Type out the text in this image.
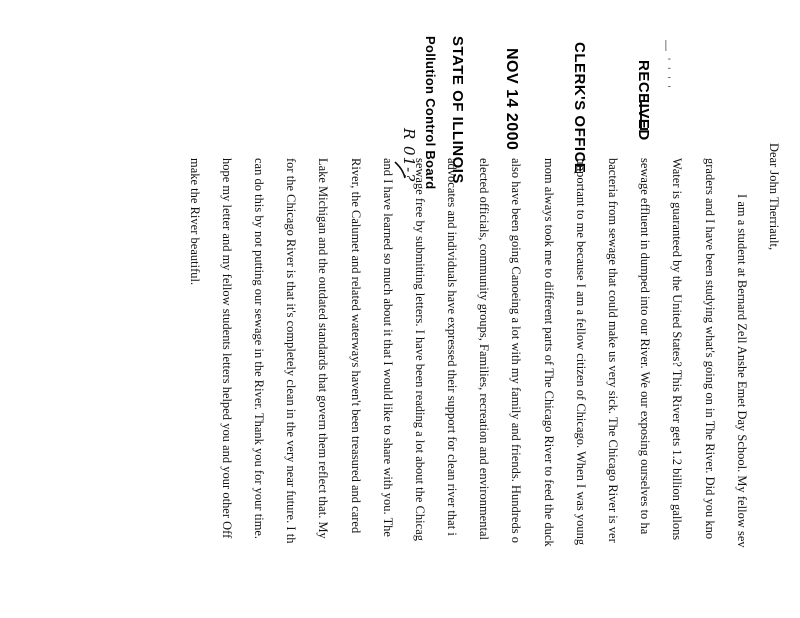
— ' ' ' '
RECEIVED
CLERK'S OFFICE
NOV 14 2000
STATE OF ILLINOIS
Pollution Control Board
R 01-?	Dear John Therriault,
I am a student at Bernard Zell Anshe Emet Day School. My fellow sev
graders and I have been studying what's going on in The River. Did you kno
Water is guaranteed by the United States? This River gets 1.2 billion gallons
sewage effluent in dumped into our River. We our exposing ourselves to ha
bacteria from sewage that could make us very sick. The Chicago River is ver
important to me because I am a fellow citizen of Chicago. When I was young
mom always took me to different parts of The Chicago River to feed the duck
also have been going Canoeing a lot with my family and friends. Hundreds o
elected officials, community groups, Families, recreation and environmental
advocates and individuals have expressed their support for clean river that i
sewage free by submitting letters. I have been reading a lot about the Chicag
and I have learned so much about it that I would like to share with you. The
River, the Calumet and related waterways haven't been treasured and cared
Lake Michigan and the outdated standards that govern them reflect that. My
for the Chicago River is that it's completely clean in the very near future. I th
can do this by not putting our sewage in the River. Thank you for your time.
hope my letter and my fellow students letters helped you and your other Off
make the River beautiful.
